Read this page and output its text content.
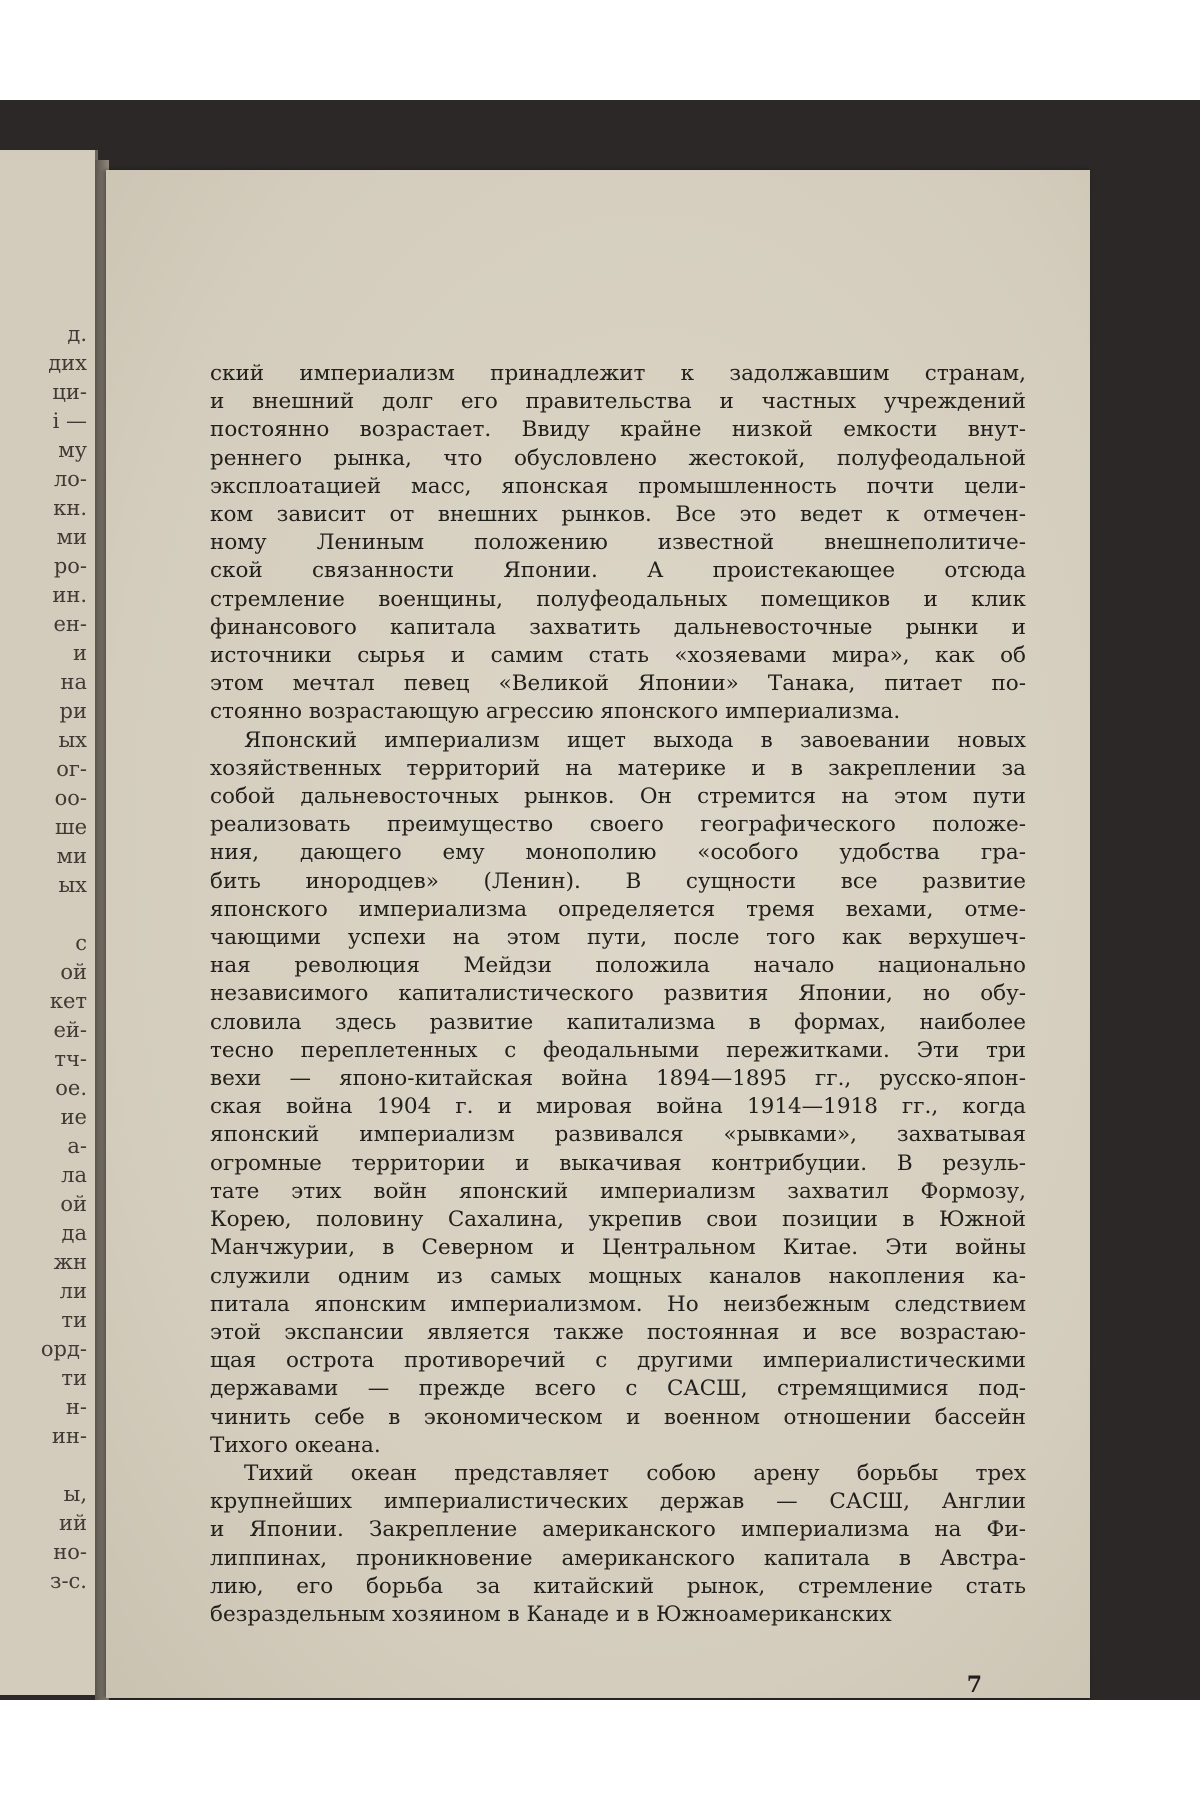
д.
дих
ци-
і —
му
ло-
кн.
ми
ро-
ин.
ен-
и
на
ри
ых
ог-
оо-
ше
ми
ых
с
ой
кет
ей-
тч-
ое.
ие
а-
ла
ой
да
жн
ли
ти
орд-
ти
н-
ин-
ы,
ий
но-
з-с.
ский империализм принадлежит к задолжавшим странам,
и внешний долг его правительства и частных учреждений
постоянно возрастает. Ввиду крайне низкой емкости внут-
реннего рынка, что обусловлено жестокой, полуфеодальной
эксплоатацией масс, японская промышленность почти цели-
ком зависит от внешних рынков. Все это ведет к отмечен-
ному Лениным положению известной внешнеполитиче-
ской связанности Японии. А проистекающее отсюда
стремление военщины, полуфеодальных помещиков и клик
финансового капитала захватить дальневосточные рынки и
источники сырья и самим стать «хозяевами мира», как об
этом мечтал певец «Великой Японии» Танака, питает по-
стоянно возрастающую агрессию японского империализма.
Японский империализм ищет выхода в завоевании новых
хозяйственных территорий на материке и в закреплении за
собой дальневосточных рынков. Он стремится на этом пути
реализовать преимущество своего географического положе-
ния, дающего ему монополию «особого удобства гра-
бить инородцев» (Ленин). В сущности все развитие
японского империализма определяется тремя вехами, отме-
чающими успехи на этом пути, после того как верхушеч-
ная революция Мейдзи положила начало национально
независимого капиталистического развития Японии, но обу-
словила здесь развитие капитализма в формах, наиболее
тесно переплетенных с феодальными пережитками. Эти три
вехи — японо-китайская война 1894—1895 гг., русско-япон-
ская война 1904 г. и мировая война 1914—1918 гг., когда
японский империализм развивался «рывками», захватывая
огромные территории и выкачивая контрибуции. В резуль-
тате этих войн японский империализм захватил Формозу,
Корею, половину Сахалина, укрепив свои позиции в Южной
Манчжурии, в Северном и Центральном Китае. Эти войны
служили одним из самых мощных каналов накопления ка-
питала японским империализмом. Но неизбежным следствием
этой экспансии является также постоянная и все возрастаю-
щая острота противоречий с другими империалистическими
державами — прежде всего с САСШ, стремящимися под-
чинить себе в экономическом и военном отношении бассейн
Тихого океана.
Тихий океан представляет собою арену борьбы трех
крупнейших империалистических держав — САСШ, Англии
и Японии. Закрепление американского империализма на Фи-
липпинах, проникновение американского капитала в Австра-
лию, его борьба за китайский рынок, стремление стать
безраздельным хозяином в Канаде и в Южноамериканских
7
